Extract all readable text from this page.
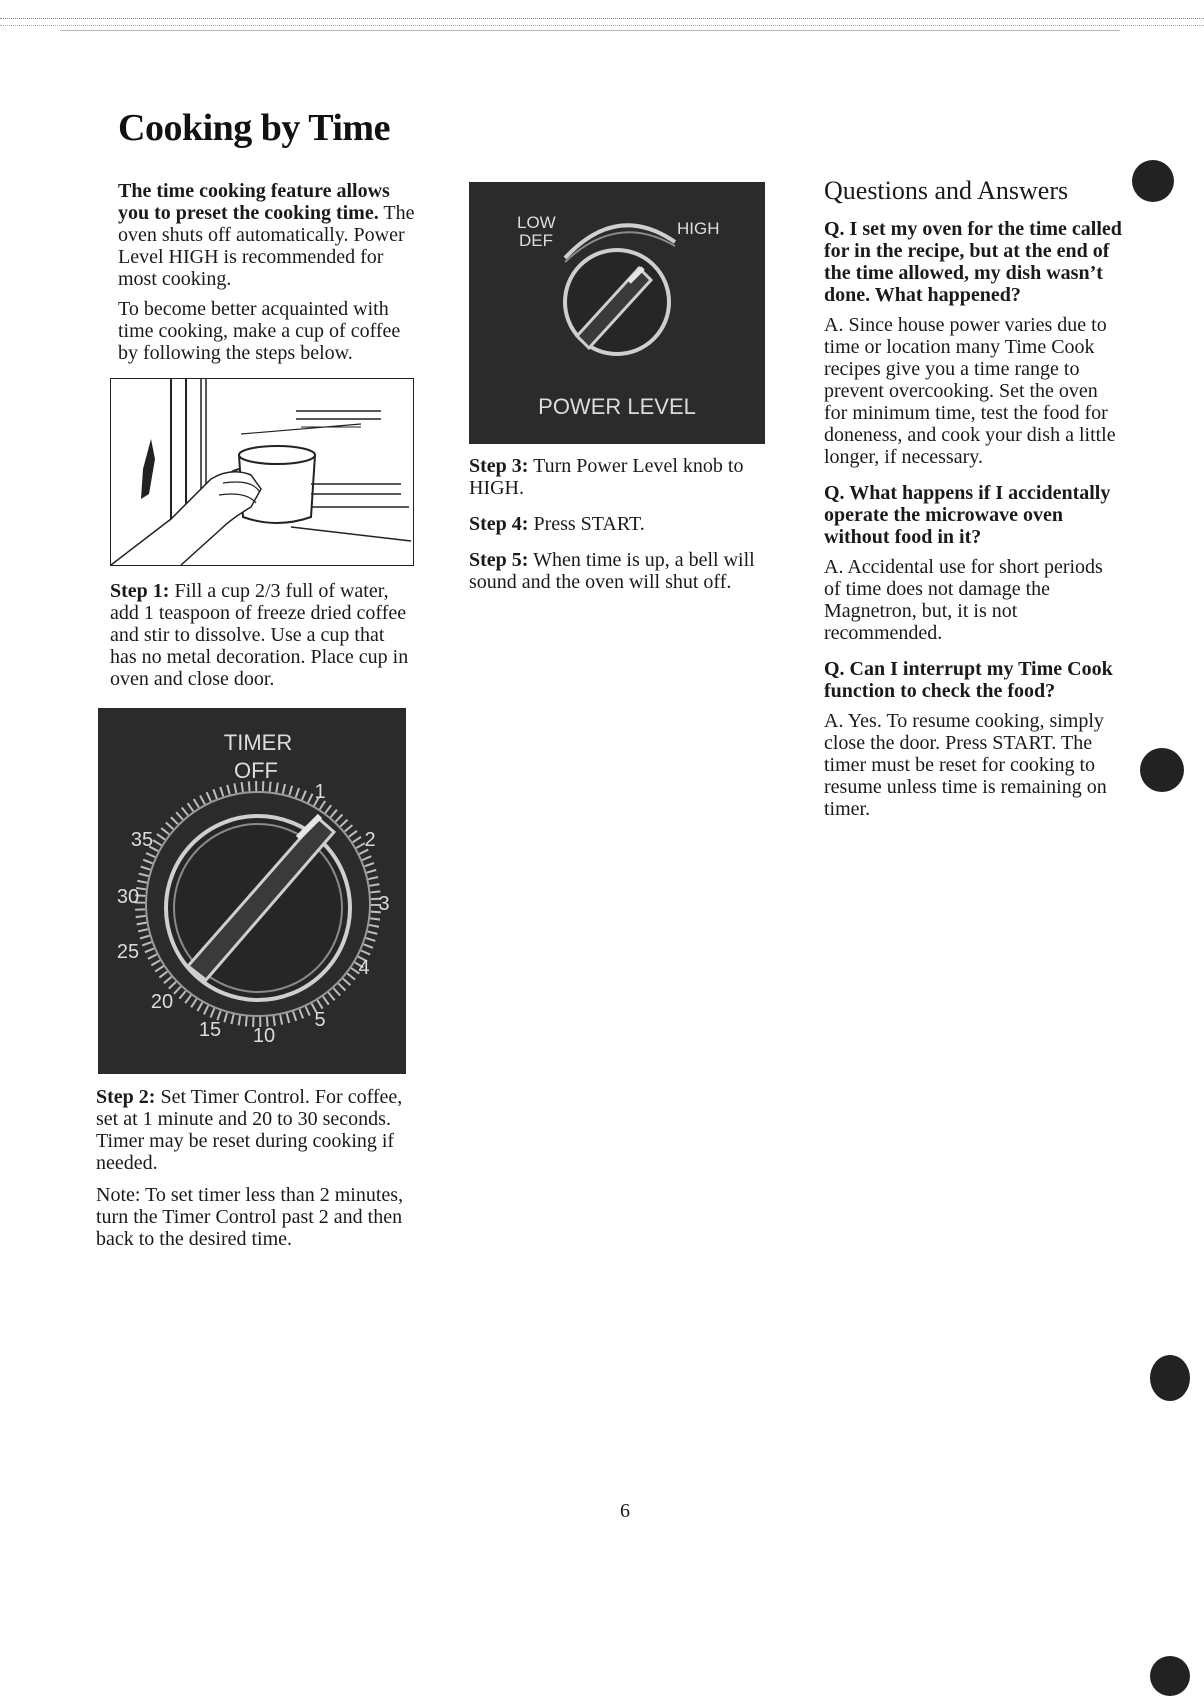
Cooking by Time

The time cooking feature allows you to preset the cooking time. The oven shuts off automatically. Power Level HIGH is recommended for most cooking.

To become better acquainted with time cooking, make a cup of coffee by following the steps below.

Step 1: Fill a cup 2/3 full of water, add 1 teaspoon of freeze dried coffee and stir to dissolve. Use a cup that has no metal decoration. Place cup in oven and close door.

TIMER
OFF
1
2
3
4
5
10
15
20
25
30
35

Step 2: Set Timer Control. For coffee, set at 1 minute and 20 to 30 seconds. Timer may be reset during cooking if needed.

Note: To set timer less than 2 minutes, turn the Timer Control past 2 and then back to the desired time.

LOW
DEF
HIGH
POWER LEVEL

Step 3: Turn Power Level knob to HIGH.

Step 4: Press START.

Step 5: When time is up, a bell will sound and the oven will shut off.

Questions and Answers

Q. I set my oven for the time called for in the recipe, but at the end of the time allowed, my dish wasn’t done. What happened?

A. Since house power varies due to time or location many Time Cook recipes give you a time range to prevent overcooking. Set the oven for minimum time, test the food for doneness, and cook your dish a little longer, if necessary.

Q. What happens if I accidentally operate the microwave oven without food in it?

A. Accidental use for short periods of time does not damage the Magnetron, but, it is not recommended.

Q. Can I interrupt my Time Cook function to check the food?

A. Yes. To resume cooking, simply close the door. Press START. The timer must be reset for cooking to resume unless time is remaining on timer.

6
